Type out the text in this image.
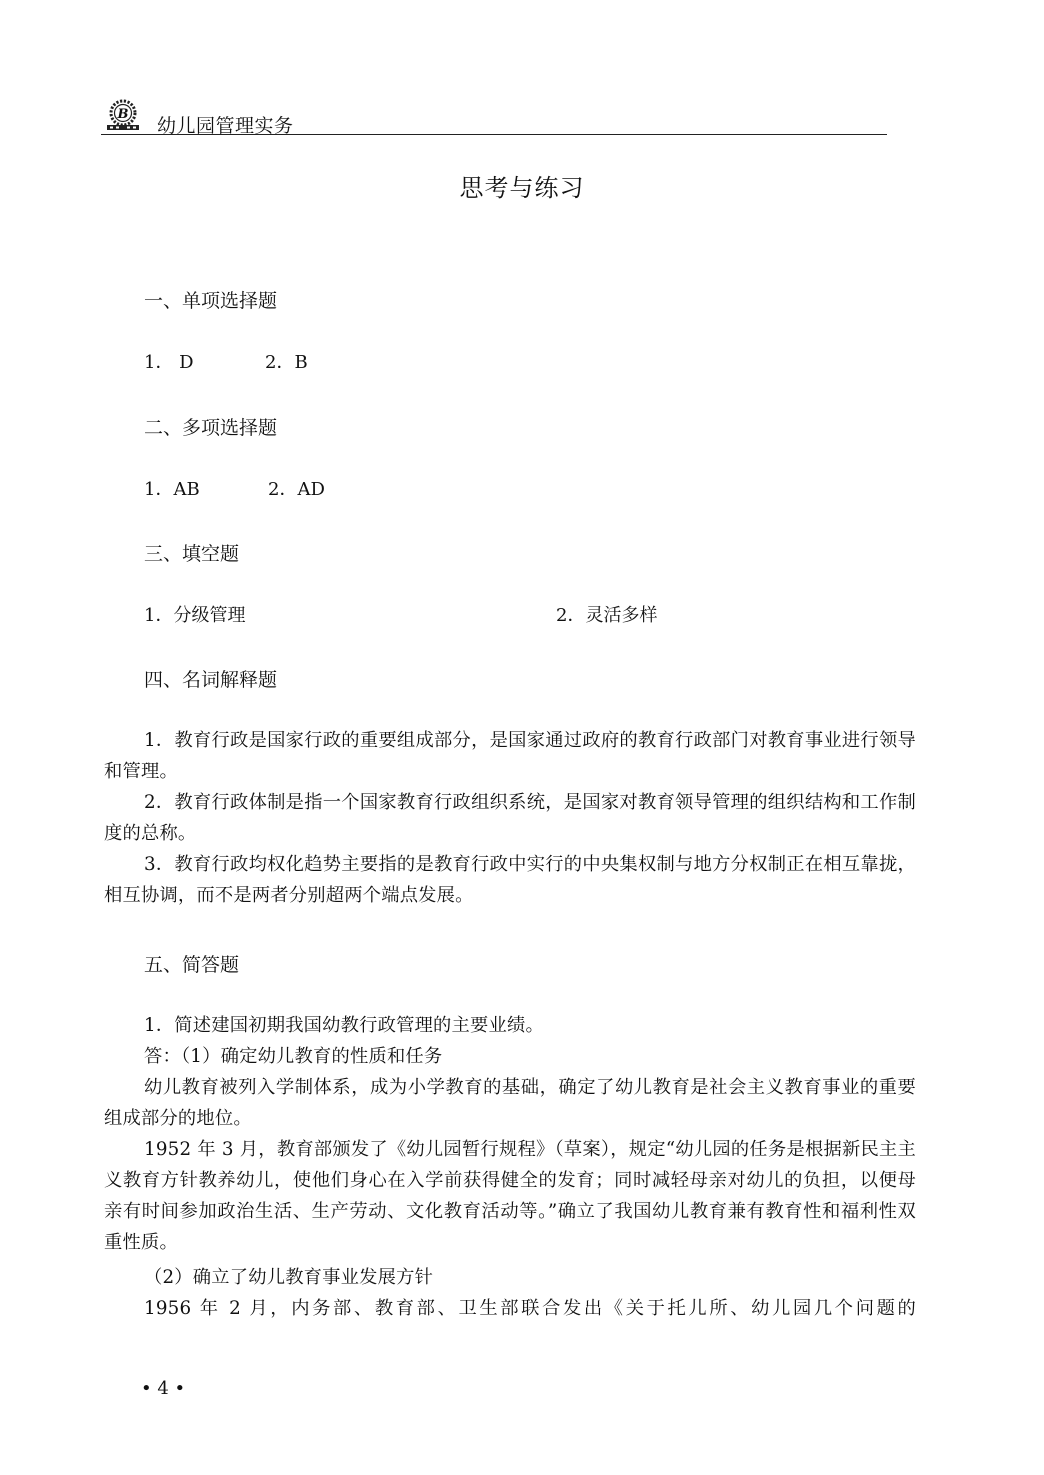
B
幼儿园管理实务
思考与练习
一、单项选择题
1． D	2．B
二、多项选择题
1．AB	2．AD
三、填空题
1．分级管理	2．灵活多样
四、名词解释题

1．教育行政是国家行政的重要组成部分，是国家通过政府的教育行政部门对教育事业进行领导和管理。

2．教育行政体制是指一个国家教育行政组织系统，是国家对教育领导管理的组织结构和工作制度的总称。

3．教育行政均权化趋势主要指的是教育行政中实行的中央集权制与地方分权制正在相互靠拢，相互协调，而不是两者分别超两个端点发展。

五、简答题

1．简述建国初期我国幼教行政管理的主要业绩。

答：（1）确定幼儿教育的性质和任务

幼儿教育被列入学制体系，成为小学教育的基础，确定了幼儿教育是社会主义教育事业的重要组成部分的地位。

1952 年 3 月，教育部颁发了《幼儿园暂行规程》（草案），规定“幼儿园的任务是根据新民主主义教育方针教养幼儿，使他们身心在入学前获得健全的发育；同时减轻母亲对幼儿的负担，以便母亲有时间参加政治生活、生产劳动、文化教育活动等。”确立了我国幼儿教育兼有教育性和福利性双重性质。

（2）确立了幼儿教育事业发展方针

1956 年 2 月，内务部、教育部、卫生部联合发出《关于托儿所、幼儿园几个问题的

• 4 •
